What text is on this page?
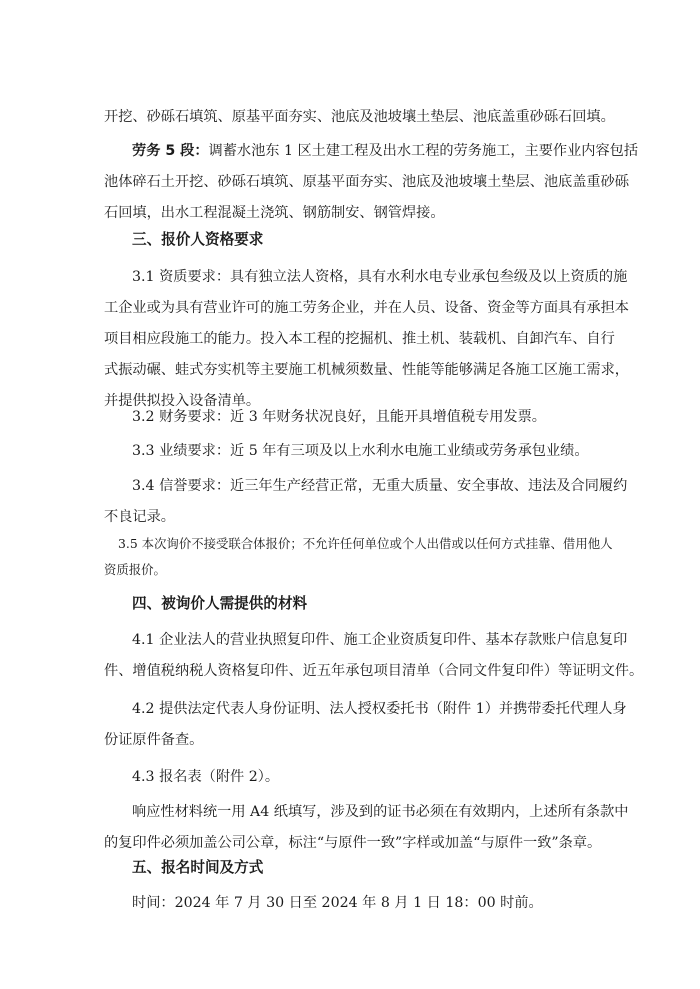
开挖、砂砾石填筑、原基平面夯实、池底及池坡壤土垫层、池底盖重砂砾石回填。

劳务 5 段：调蓄水池东 1 区土建工程及出水工程的劳务施工，主要作业内容包括
池体碎石土开挖、砂砾石填筑、原基平面夯实、池底及池坡壤土垫层、池底盖重砂砾
石回填，出水工程混凝土浇筑、钢筋制安、钢管焊接。

三、报价人资格要求

3.1 资质要求：具有独立法人资格，具有水利水电专业承包叁级及以上资质的施
工企业或为具有营业许可的施工劳务企业，并在人员、设备、资金等方面具有承担本
项目相应段施工的能力。投入本工程的挖掘机、推土机、装载机、自卸汽车、自行
式振动碾、蛙式夯实机等主要施工机械须数量、性能等能够满足各施工区施工需求，
并提供拟投入设备清单。

3.2 财务要求：近 3 年财务状况良好，且能开具增值税专用发票。

3.3 业绩要求：近 5 年有三项及以上水利水电施工业绩或劳务承包业绩。

3.4 信誉要求：近三年生产经营正常，无重大质量、安全事故、违法及合同履约
不良记录。

3.5 本次询价不接受联合体报价；不允许任何单位或个人出借或以任何方式挂靠、借用他人
资质报价。

四、被询价人需提供的材料

4.1 企业法人的营业执照复印件、施工企业资质复印件、基本存款账户信息复印
件、增值税纳税人资格复印件、近五年承包项目清单（合同文件复印件）等证明文件。

4.2 提供法定代表人身份证明、法人授权委托书（附件 1）并携带委托代理人身
份证原件备查。

4.3 报名表（附件 2）。

响应性材料统一用 A4 纸填写，涉及到的证书必须在有效期内，上述所有条款中
的复印件必须加盖公司公章，标注“与原件一致”字样或加盖“与原件一致”条章。

五、报名时间及方式

时间：2024 年 7 月 30 日至 2024 年 8 月 1 日 18：00 时前。
